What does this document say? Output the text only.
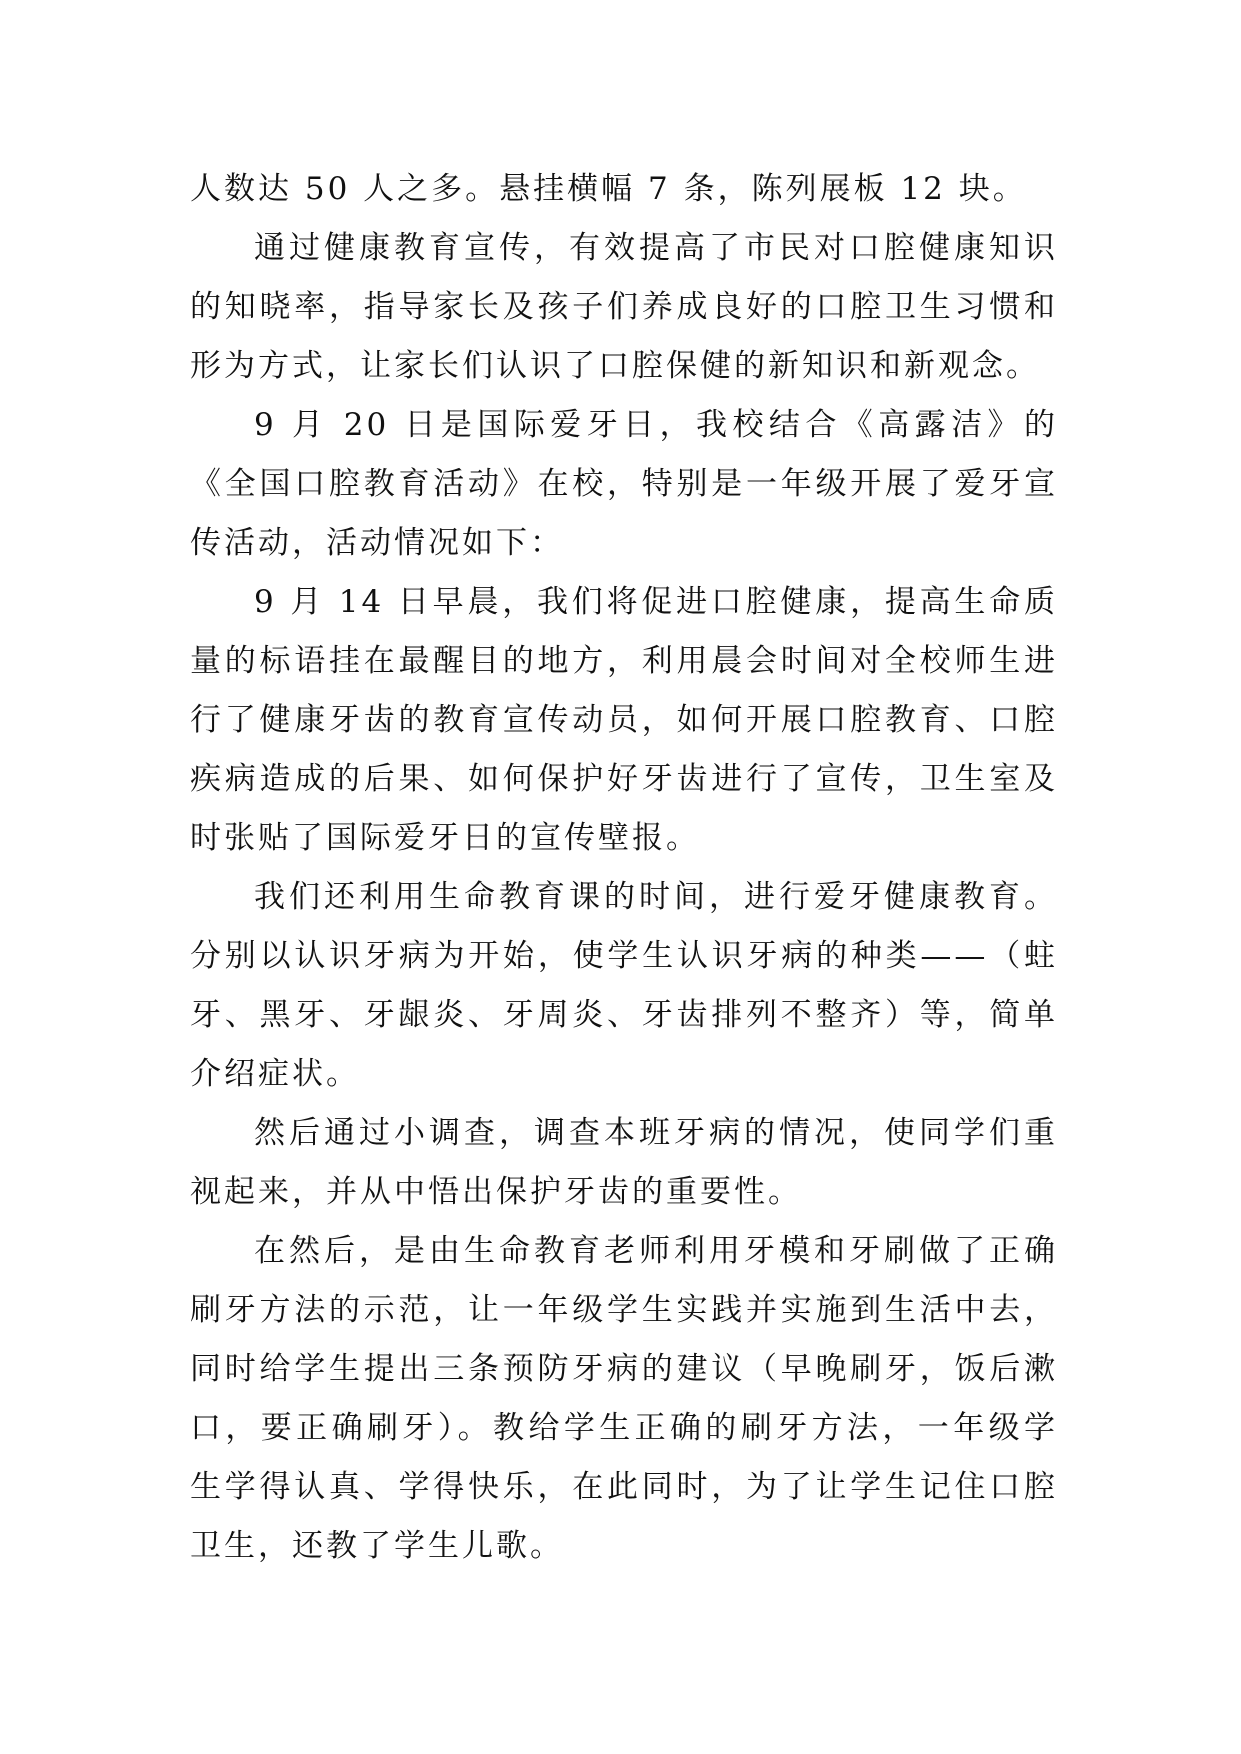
人数达 50 人之多。悬挂横幅 7 条，陈列展板 12 块。

通过健康教育宣传，有效提高了市民对口腔健康知识的知晓率，指导家长及孩子们养成良好的口腔卫生习惯和形为方式，让家长们认识了口腔保健的新知识和新观念。

9 月 20 日是国际爱牙日，我校结合《高露洁》的《全国口腔教育活动》在校，特别是一年级开展了爱牙宣传活动，活动情况如下：

9 月 14 日早晨，我们将促进口腔健康，提高生命质量的标语挂在最醒目的地方，利用晨会时间对全校师生进行了健康牙齿的教育宣传动员，如何开展口腔教育、口腔疾病造成的后果、如何保护好牙齿进行了宣传，卫生室及时张贴了国际爱牙日的宣传壁报。

我们还利用生命教育课的时间，进行爱牙健康教育。分别以认识牙病为开始，使学生认识牙病的种类——（蛀牙、黑牙、牙龈炎、牙周炎、牙齿排列不整齐）等，简单介绍症状。

然后通过小调查，调查本班牙病的情况，使同学们重视起来，并从中悟出保护牙齿的重要性。

在然后，是由生命教育老师利用牙模和牙刷做了正确刷牙方法的示范，让一年级学生实践并实施到生活中去，同时给学生提出三条预防牙病的建议（早晚刷牙，饭后漱口，要正确刷牙）。教给学生正确的刷牙方法，一年级学生学得认真、学得快乐，在此同时，为了让学生记住口腔卫生，还教了学生儿歌。
